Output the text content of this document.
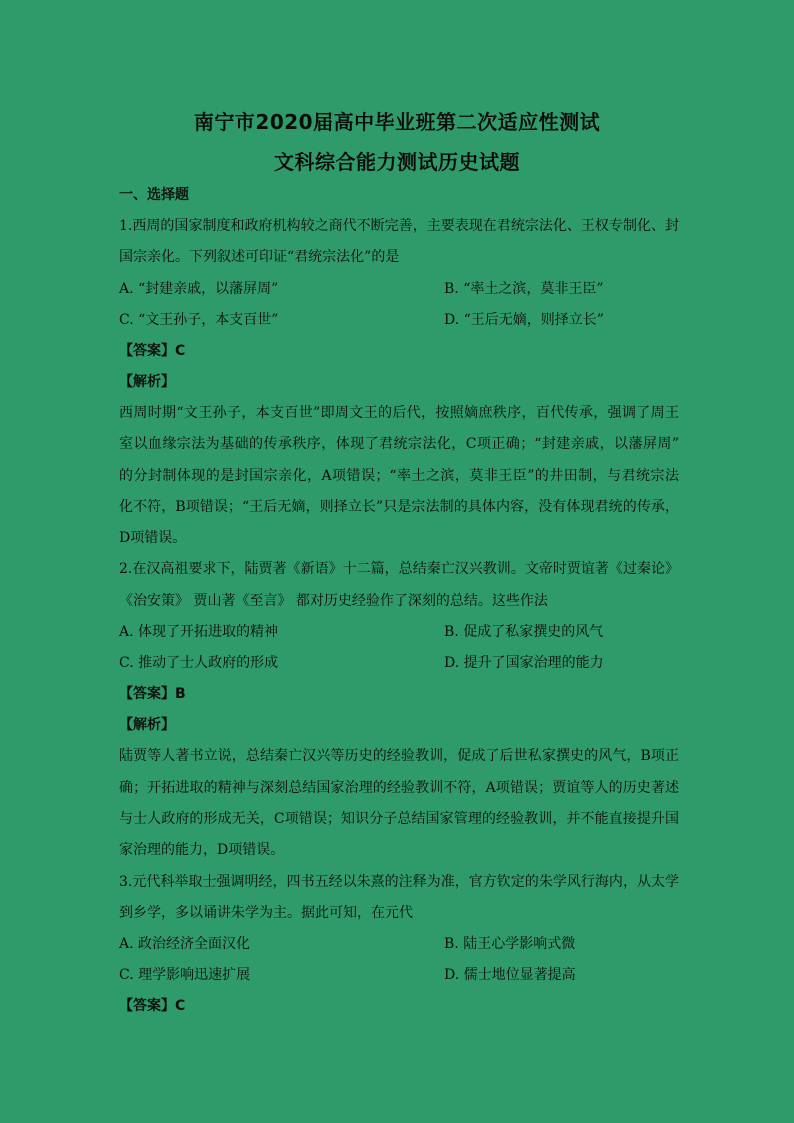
南宁市2020届高中毕业班第二次适应性测试
文科综合能力测试历史试题
一、选择题
1.西周的国家制度和政府机构较之商代不断完善，主要表现在君统宗法化、王权专制化、封
国宗亲化。下列叙述可印证“君统宗法化”的是
A. “封建亲戚，以藩屏周”	B. “率土之滨，莫非王臣”
C. “文王孙子，本支百世”	D. “王后无嫡，则择立长”
【答案】C
【解析】
西周时期“文王孙子，本支百世”即周文王的后代，按照嫡庶秩序，百代传承，强调了周王
室以血缘宗法为基础的传承秩序，体现了君统宗法化，C项正确；“封建亲戚，以藩屏周”
的分封制体现的是封国宗亲化，A项错误；“率土之滨，莫非王臣”的井田制，与君统宗法
化不符，B项错误；“王后无嫡，则择立长”只是宗法制的具体内容，没有体现君统的传承，
D项错误。
2.在汉高祖要求下，陆贾著《新语》十二篇，总结秦亡汉兴教训。文帝时贾谊著《过秦论》
《治安策》 贾山著《至言》 都对历史经验作了深刻的总结。这些作法
A. 体现了开拓进取的精神	B. 促成了私家撰史的风气
C. 推动了士人政府的形成	D. 提升了国家治理的能力
【答案】B
【解析】
陆贾等人著书立说，总结秦亡汉兴等历史的经验教训，促成了后世私家撰史的风气，B项正
确；开拓进取的精神与深刻总结国家治理的经验教训不符，A项错误；贾谊等人的历史著述
与士人政府的形成无关，C项错误；知识分子总结国家管理的经验教训，并不能直接提升国
家治理的能力，D项错误。
3.元代科举取士强调明经，四书五经以朱熹的注释为准，官方钦定的朱学风行海内，从太学
到乡学，多以诵讲朱学为主。据此可知，在元代
A. 政治经济全面汉化	B. 陆王心学影响式微
C. 理学影响迅速扩展	D. 儒士地位显著提高
【答案】C
